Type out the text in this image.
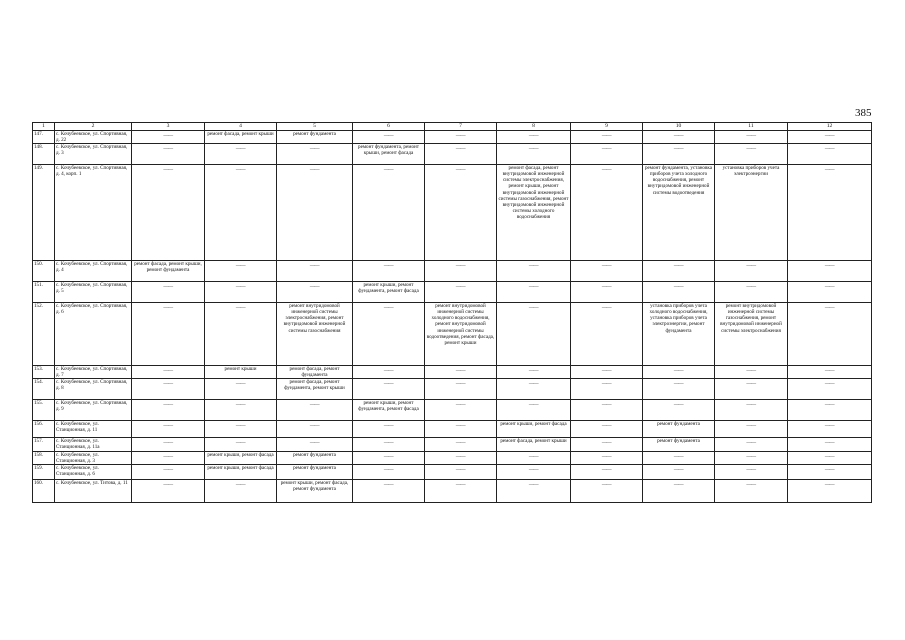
385
1	2	3	4	5	6	7	8	9	10	11	12
147.	с. Кочубеевское, ул. Спортивная, д. 22	——	ремонт фасада, ремонт крыши	ремонт фундамента	——	——	——	——	——	——	——

148.	с. Кочубеевское, ул. Спортивная, д. 3	——	——	——	ремонт фундамента, ремонт крыши, ремонт фасада	——	——	——	——	——	——

149.	с. Кочубеевское, ул. Спортивная, д. 4, корп. 1	——	——	——	——	——	ремонт фасада, ремонт внутридомовой инженерной системы электроснабжения, ремонт крыши, ремонт внутридомовой инженерной системы газоснабжения, ремонт внутридомовой инженерной системы холодного водоснабжения	——	ремонт фундамента, установка приборов учета холодного водоснабжения, ремонт внутридомовой инженерной системы водоотведения	установка приборов учета электроэнергии	——

150.	с. Кочубеевское, ул. Спортивная, д. 4	ремонт фасада, ремонт крыши, ремонт фундамента	——	——	——	——	——	——	——	——	——

151.	с. Кочубеевское, ул. Спортивная, д. 5	——	——	——	ремонт крыши, ремонт фундамента, ремонт фасада	——	——	——	——	——	——

152.	с. Кочубеевское, ул. Спортивная, д. 6	——	——	ремонт внутридомовой инженерной системы электроснабжения, ремонт внутридомовой инженерной системы газоснабжения	——	ремонт внутридомовой инженерной системы холодного водоснабжения, ремонт внутридомовой инженерной системы водоотведения, ремонт фасада, ремонт крыши	——	——	установка приборов учета холодного водоснабжения, установка приборов учета электроэнергии, ремонт фундамента	ремонт внутридомовой инженерной системы газоснабжения, ремонт внутридомовой инженерной системы электроснабжения	——

153.	с. Кочубеевское, ул. Спортивная, д. 7	——	ремонт крыши	ремонт фасада, ремонт фундамента	——	——	——	——	——	——	——

154.	с. Кочубеевское, ул. Спортивная, д. 8	——	——	ремонт фасада, ремонт фундамента, ремонт крыши	——	——	——	——	——	——	——

155.	с. Кочубеевское, ул. Спортивная, д. 9	——	——	——	ремонт крыши, ремонт фундамента, ремонт фасада	——	——	——	——	——	——

156.	с. Кочубеевское, ул. Станционная, д. 11	——	——	——	——	——	ремонт крыши, ремонт фасада	——	ремонт фундамента	——	——

157.	с. Кочубеевское, ул. Станционная, д. 11а	——	——	——	——	——	ремонт фасада, ремонт крыши	——	ремонт фундамента	——	——

158.	с. Кочубеевское, ул. Станционная, д. 3	——	ремонт крыши, ремонт фасада	ремонт фундамента	——	——	——	——	——	——	——

159.	с. Кочубеевское, ул. Станционная, д. 6	——	ремонт крыши, ремонт фасада	ремонт фундамента	——	——	——	——	——	——	——

160.	с. Кочубеевское, ул. Титова, д. 11	——	——	ремонт крыши, ремонт фасада, ремонт фундамента	——	——	——	——	——	——	——
